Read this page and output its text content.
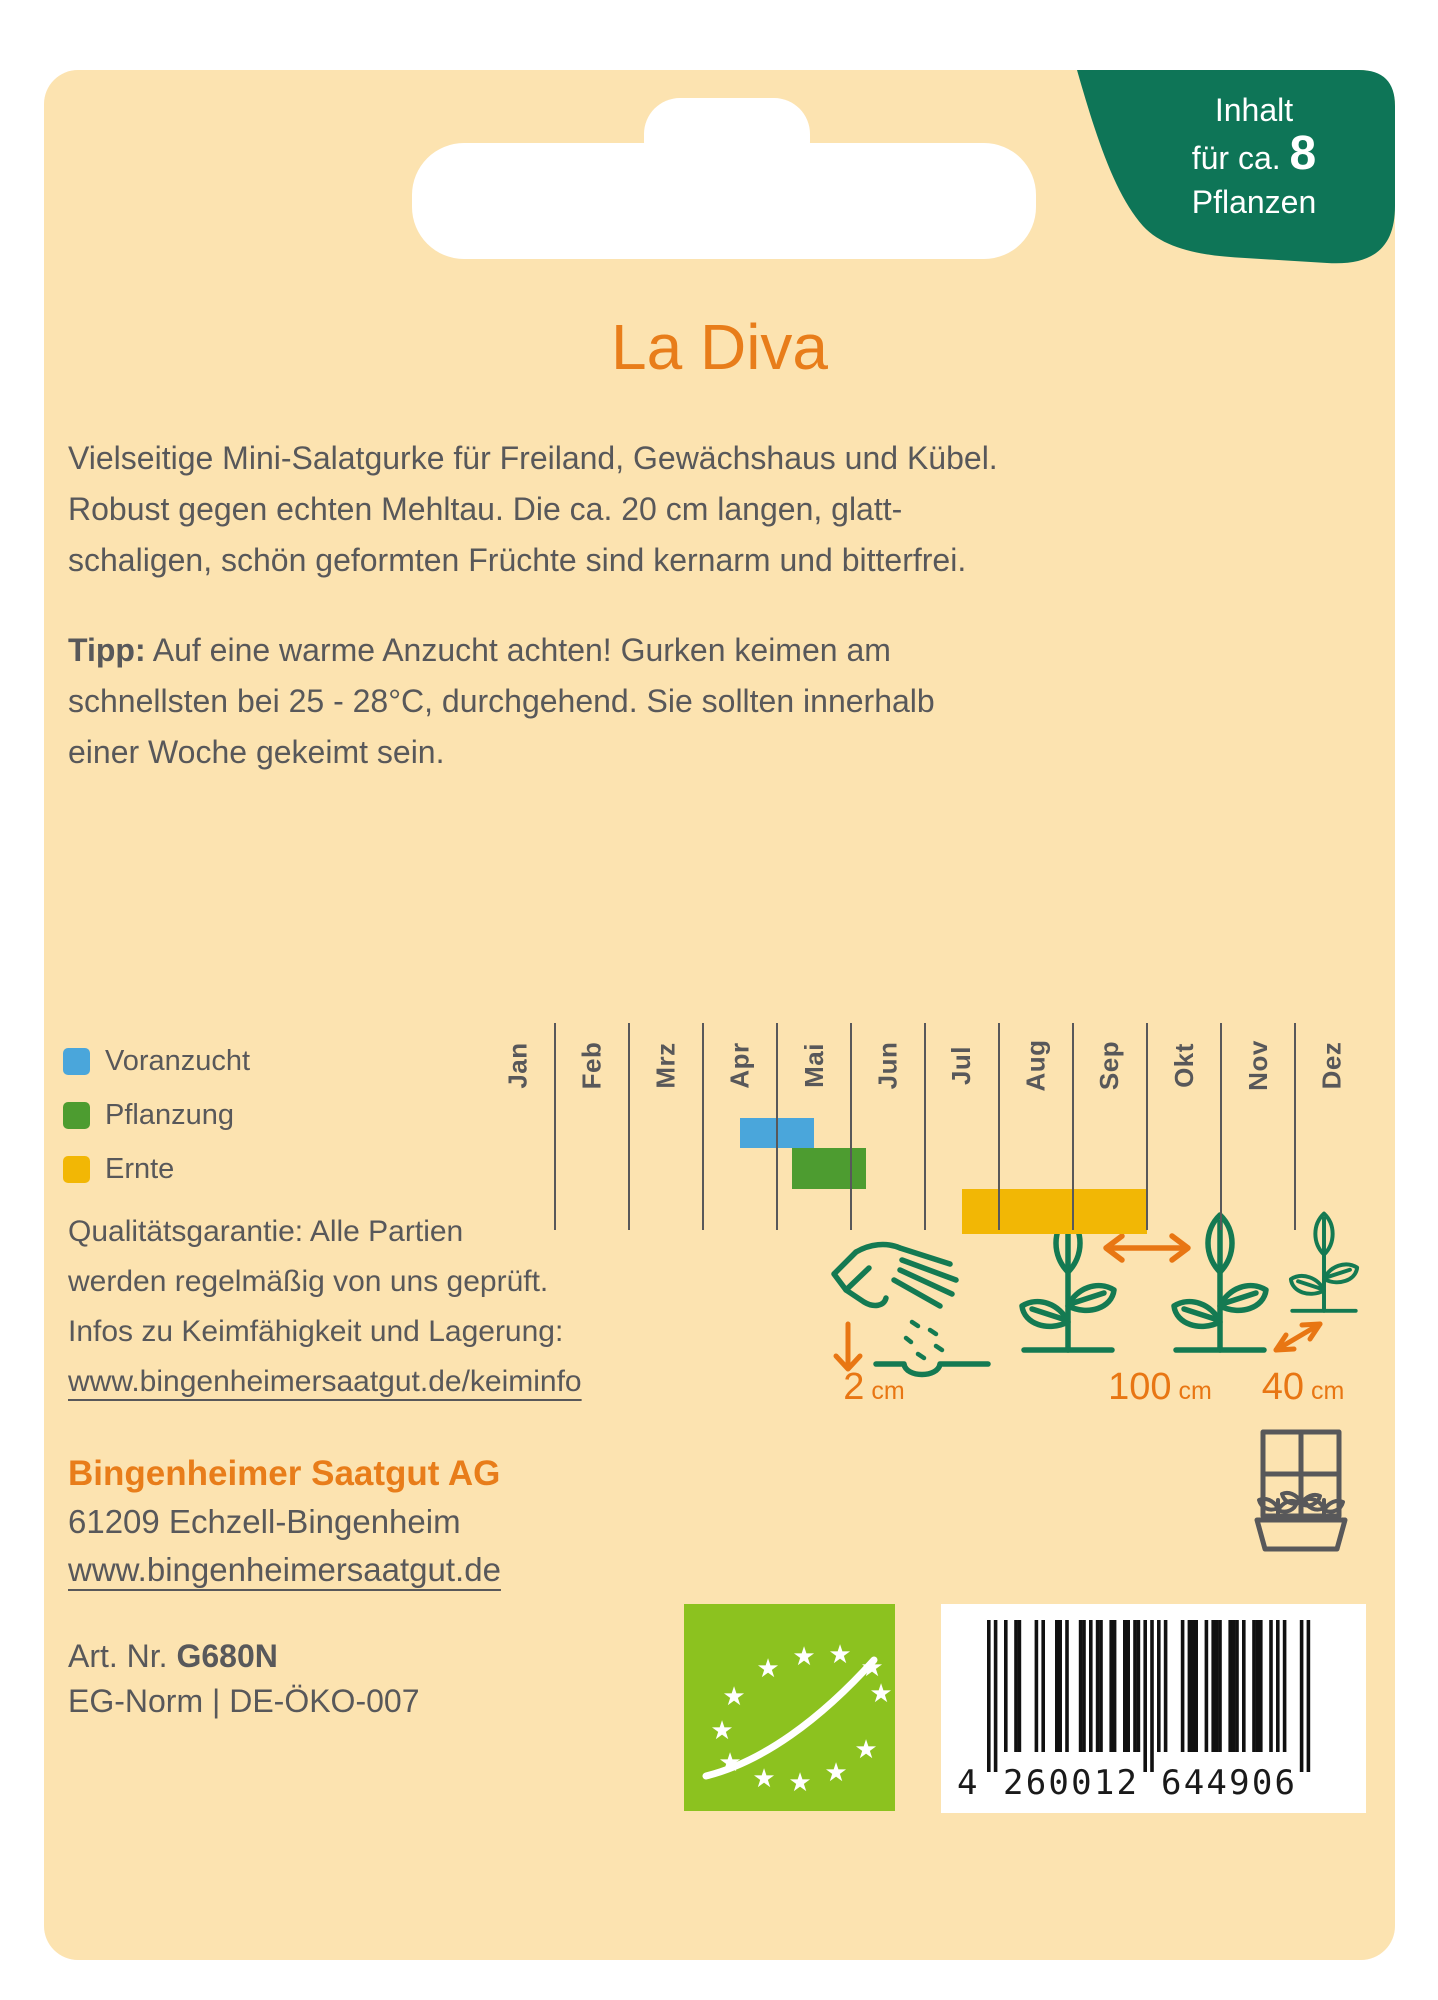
Inhalt
für ca. 8
Pflanzen
La Diva
Vielseitige Mini-Salatgurke für Freiland, Gewächshaus und Kübel.
Robust gegen echten Mehltau. Die ca. 20 cm langen, glatt-
schaligen, schön geformten Früchte sind kernarm und bitterfrei.
Tipp: Auf eine warme Anzucht achten! Gurken keimen am
schnellsten bei 25 - 28°C, durchgehend. Sie sollten innerhalb
einer Woche gekeimt sein.
Voranzucht
Pflanzung
Ernte
Jan Feb Mrz Apr Mai Jun Jul Aug Sep Okt Nov Dez
Qualitätsgarantie: Alle Partien
werden regelmäßig von uns geprüft.
Infos zu Keimfähigkeit und Lagerung:
www.bingenheimersaatgut.de/keiminfo	2 cm	100 cm	40 cm
Bingenheimer Saatgut AG
61209 Echzell-Bingenheim
www.bingenheimersaatgut.de
Art. Nr. G680N
EG-Norm | DE-ÖKO-007	★
★ ★ ★ ★
★
★
★
★ ★ ★
★
4 260012 644906
